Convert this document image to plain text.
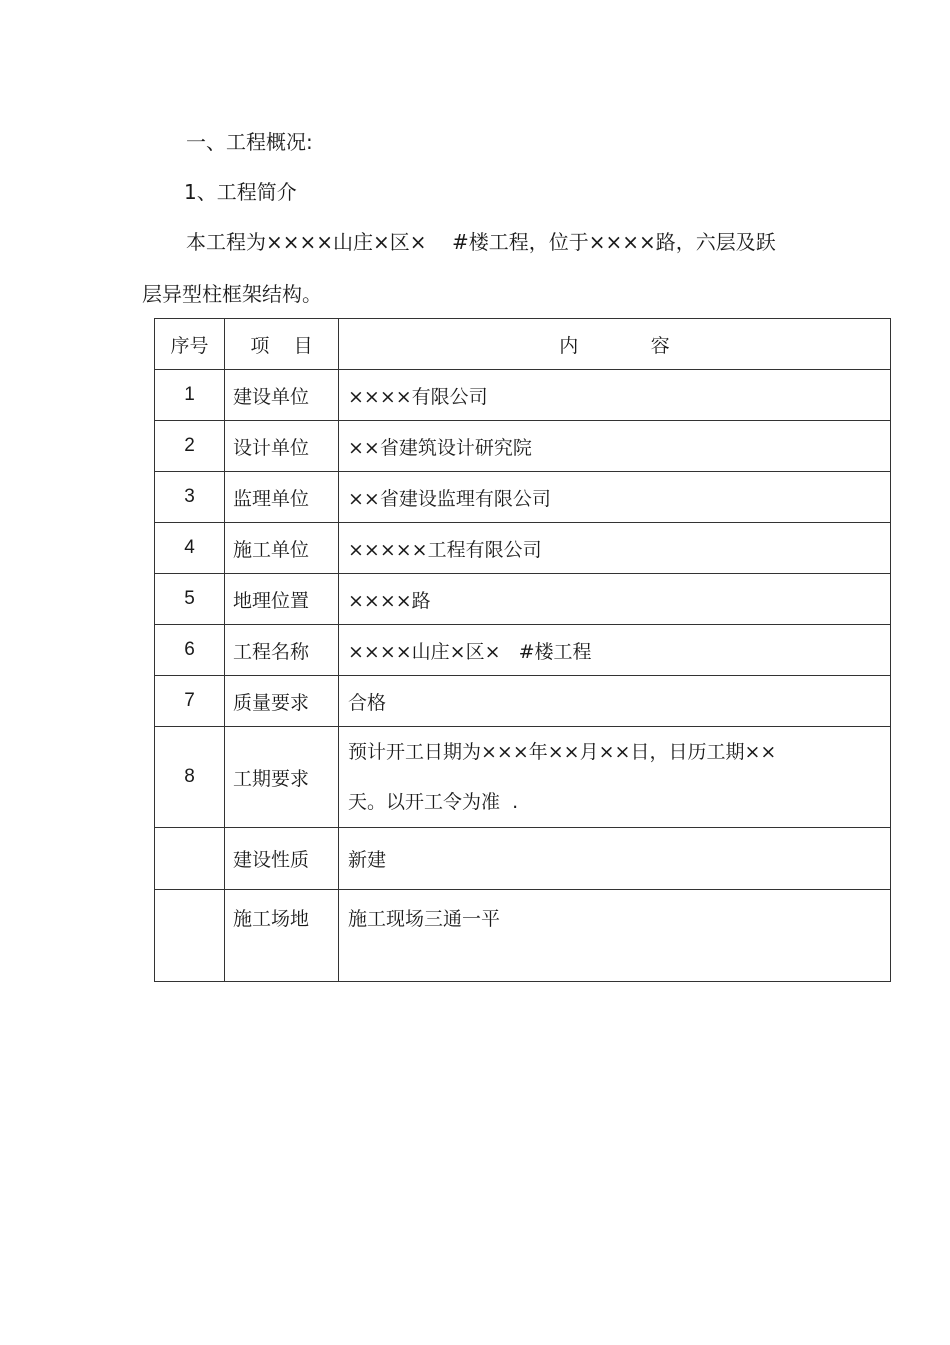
一、工程概况:
1、工程简介
本工程为××××山庄×区×    #楼工程，位于××××路，六层及跃
层异型柱框架结构。
序号	项    目	内            容
1	建设单位	××××有限公司
2	设计单位	××省建筑设计研究院
3	监理单位	××省建设监理有限公司
4	施工单位	×××××工程有限公司
5	地理位置	××××路
6	工程名称	××××山庄×区×   #楼工程
7	质量要求	合格
8	工期要求	预计开工日期为×××年××月××日，日历工期××
天。以开工令为准  .

	建设性质	新建
	施工场地	施工现场三通一平
